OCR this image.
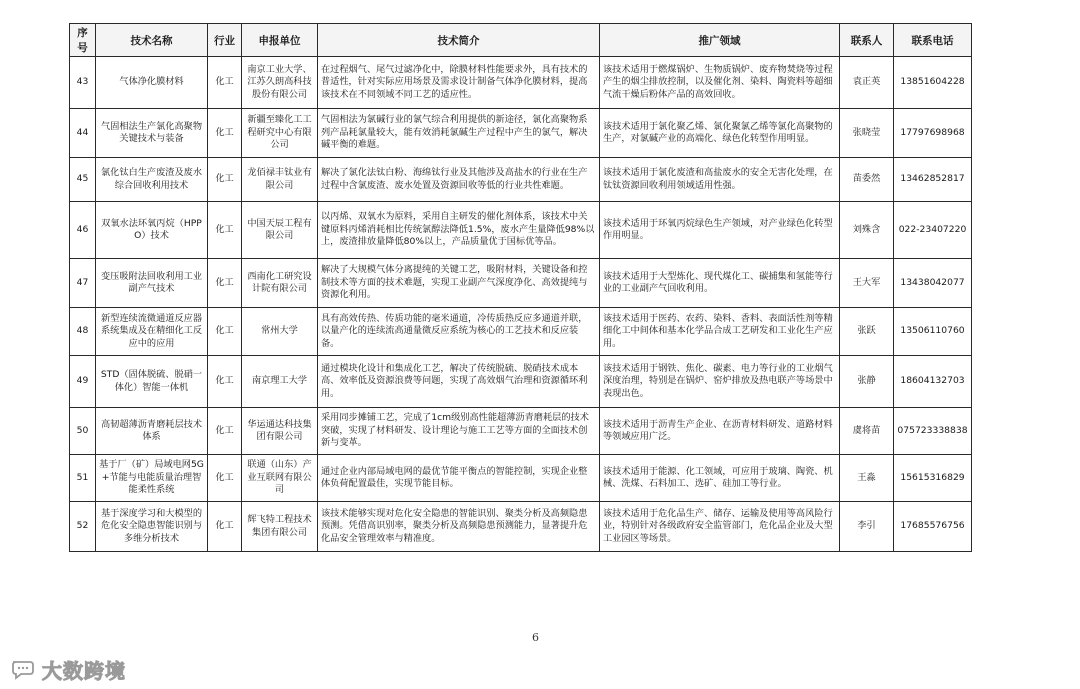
序号	技术名称	行业	申报单位	技术简介	推广领域	联系人	联系电话
43	气体净化膜材料	化工	南京工业大学、江苏久朗高科技股份有限公司	在过程烟气、尾气过滤净化中，除膜材料性能要求外，具有技术的普适性，针对实际应用场景及需求设计制备气体净化膜材料，提高该技术在不同领域不同工艺的适应性。	该技术适用于燃煤锅炉、生物质锅炉、废弃物焚烧等过程产生的烟尘排放控制，以及催化剂、染料、陶瓷料等超细气流干燥后粉体产品的高效回收。	袁正英	13851604228
44	气固相法生产氯化高聚物关键技术与装备	化工	新疆至臻化工工程研究中心有限公司	气固相法为氯碱行业的氯气综合利用提供的新途径，氯化高聚物系列产品耗氯量较大，能有效消耗氯碱生产过程中产生的氯气，解决碱平衡的难题。	该技术适用于氯化聚乙烯、氯化聚氯乙烯等氯化高聚物的生产，对氯碱产业的高端化、绿色化转型作用明显。	张晓莹	17797698968
45	氯化钛白生产废渣及废水综合回收利用技术	化工	龙佰禄丰钛业有限公司	解决了氯化法钛白粉、海绵钛行业及其他涉及高盐水的行业在生产过程中含氯废渣、废水处置及资源回收等低的行业共性难题。	该技术适用于氯化废渣和高盐废水的安全无害化处理，在钛钛资源回收利用领域适用性强。	苗委然	13462852817
46	双氧水法环氧丙烷（HPPO）技术	化工	中国天辰工程有限公司	以丙烯、双氧水为原料，采用自主研发的催化剂体系，该技术中关键原料丙烯消耗相比传统氯醇法降低1.5%，废水产生量降低98%以上，废渣排放量降低80%以上，产品质量优于国标优等品。	该技术适用于环氧丙烷绿色生产领域，对产业绿色化转型作用明显。	刘殊含	022-23407220
47	变压吸附法回收利用工业副产气技术	化工	西南化工研究设计院有限公司	解决了大规模气体分离提纯的关键工艺，吸附材料，关键设备和控制技术等方面的技术难题，实现工业副产气深度净化、高效提纯与资源化利用。	该技术适用于大型炼化、现代煤化工、碳捕集和氢能等行业的工业副产气回收利用。	王大军	13438042077
48	新型连续流微通道反应器系统集成及在精细化工反应中的应用	化工	常州大学	具有高效传热、传质功能的毫米通道，冷传质热反应多通道并联，以量产化的连续流高通量微反应系统为核心的工艺技术和反应装备。	该技术适用于医药、农药、染料、香料、表面活性剂等精细化工中间体和基本化学品合成工艺研发和工业化生产应用。	张跃	13506110760
49	STD（固体脱硫、脱硝一体化）智能一体机	化工	南京理工大学	通过模块化设计和集成化工艺，解决了传统脱硫、脱硝技术成本高、效率低及资源浪费等问题，实现了高效烟气治理和资源循环利用。	该技术适用于钢铁、焦化、碳素、电力等行业的工业烟气深度治理，特别是在锅炉、窑炉排放及热电联产等场景中表现出色。	张静	18604132703
50	高韧超薄沥青磨耗层技术体系	化工	华运通达科技集团有限公司	采用同步摊铺工艺，完成了1cm级别高性能超薄沥青磨耗层的技术突破，实现了材料研发、设计理论与施工工艺等方面的全面技术创新与变革。	该技术适用于沥青生产企业、在沥青材料研发、道路材料等领域应用广泛。	虞将苗	075723338838
51	基于厂（矿）局域电网5G+节能与电能质量治理智能柔性系统	化工	联通（山东）产业互联网有限公司	通过企业内部局域电网的最优节能平衡点的智能控制，实现企业整体负荷配置最佳，实现节能目标。	该技术适用于能源、化工领域，可应用于玻璃、陶瓷、机械、洗煤、石料加工、选矿、硅加工等行业。	王淼	15615316829
52	基于深度学习和大模型的危化安全隐患智能识别与多维分析技术	化工	辉飞特工程技术集团有限公司	该技术能够实现对危化安全隐患的智能识别、聚类分析及高频隐患预测。凭借高识别率，聚类分析及高频隐患预测能力，显著提升危化品安全管理效率与精准度。	该技术适用于危化品生产、储存、运输及使用等高风险行业，特别针对各级政府安全监管部门，危化品企业及大型工业园区等场景。	李引	17685576756
6
大数跨境
